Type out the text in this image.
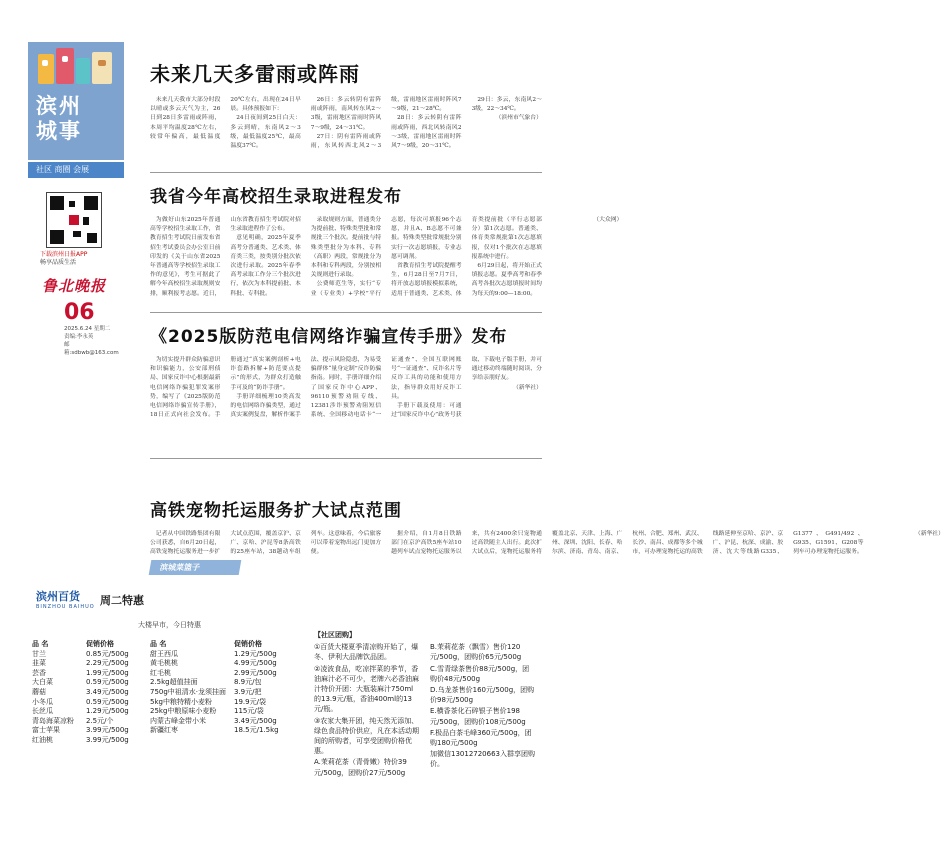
滨州
城事
社区 商圈 会展
下载滨州日报APP
畅享品质生活
鲁北晚报
06
2025.6.24 星期二
责编:李永英
邮箱:sdbwb@163.com
未来几天多雷雨或阵雨

未来几天我市大部分时段以晴或多云天气为主，26日到28日多雷雨或阵雨，本周平均温度28℃左右，较常年偏高，最低温度20℃左右，出现在24日早晨。具体预报如下：

24日夜间到25日白天：多云到晴，东南风2～3级，最低温度25℃，最高温度37℃。

26日：多云转阴有雷阵雨或阵雨，南风转东风2～3级，雷雨地区雷雨时阵风7～9级，24～31℃。

27日：阴有雷阵雨或阵雨，东风转西北风2～3级，雷雨地区雷雨时阵风7～9级，21～28℃。

28日：多云转阴有雷阵雨或阵雨，西北风转南风2～3级，雷雨地区雷雨时阵风7～9级，20～31℃。

29日：多云，东南风2～3级，22～34℃。

（滨州市气象台）

我省今年高校招生录取进程发布

为做好山东2025年普通高等学校招生录取工作，省教育招生考试院日前发布省招生考试委员会办公室日前印发的《关于山东省2025年普通高等学校招生录取工作的意见》，考生可据此了解今年高校招生录取规则安排，顺利报考志愿。近日，山东省教育招生考试院对招生录取进程作了公布。

意见明确，2025年夏季高考分普通类、艺术类、体育类三类，按类别分批次依次进行录取。2025年春季高考录取工作分三个批次进行，依次为本科提前批、本科批、专科批。

录取规则方面，普通类分为提前批、特殊类型批和常规批三个批次。提前批与特殊类型批分为本科、专科（高职）两段，常规批分为本科和专科两段，分别按相关规则进行录取。

公费师范生等，实行“专业（专业类）+学校”平行志愿，每次可填报96个志愿，并且A、B志愿不可兼报。特殊类型批常规批分别实行一次志愿填报，专业志愿可调剂。

省教育招生考试院提醒考生，6月28日至7月7日，将开放志愿填报模拟系统，适用于普通类、艺术类、体育类提前批（平行志愿部分）第1次志愿。普通类、体育类常规批第1次志愿填报，仅对1个批次在志愿填报系统中进行。

6月29日起，将开始正式填报志愿。夏季高考和春季高考各批次志愿填报时间均为每天的9:00—18:00。

（大众网）

《2025版防范电信网络诈骗宣传手册》发布

为切实提升群众防骗意识和识骗能力，公安部刑侦局、国家反诈中心根据最新电信网络诈骗犯罪发案形势，编写了《2025版防范电信网络诈骗宣传手册》，18日正式向社会发布。手册通过“真实案例剖析+电诈套路拆解+防范要点提示”的形式，为群众打造触手可及的“防诈手册”。

手册详细梳理10类高发的电信网络诈骗类型，通过真实案例复盘，解析作案手法、提示风险隐患，为易受骗群体“量身定制”反诈防骗指南。同时，手册详细介绍了国家反诈中心APP、96110预警劝阻专线、12381涉诈预警劝阻短信系统、全国移动电话卡“一证通查”、全国互联网账号“一证通查”、反诈名片等反诈工具的功能和使用方法，指导群众用好反诈工具。

手册下载及使用：可通过“国家反诈中心”政务号获取、下载电子版手册，并可通过移动终端随时阅读、分享给亲朋好友。

（新华社）

高铁宠物托运服务扩大试点范围

记者从中国铁路集团有限公司获悉，自6月20日起，高铁宠物托运服务进一步扩大试点范围，覆盖京沪、京广、京哈、沪昆等8条高铁的25座车站，38趟动车组列车。这意味着，今后旅客可以带着宠物出远门更加方便。

据介绍，自1月8日铁路部门在京沪高铁5座车站10趟列车试点宠物托运服务以来，共有2400余只宠物通过高铁随主人出行。此次扩大试点后，宠物托运服务将覆盖北京、天津、上海、广州、深圳、沈阳、长春、哈尔滨、济南、青岛、南京、杭州、合肥、郑州、武汉、长沙、南昌、成都等多个城市，可办理宠物托运的高铁线路延伸至京哈、京沪、京广、沪昆、杭深、成渝、胶济、沈大等线路G335、G1377、G491/492、G935、G1591、G208等列车可办理宠物托运服务。

（新华社）

滨城菜篮子
滨州百货
BINZHOU BAIHUO 周二特惠
大楼早市，今日特惠
品 名	促销价格	品 名	促销价格
甘兰	0.85元/500g	甜王西瓜	1.29元/500g
韭菜	2.29元/500g	黄毛桃桃	4.99元/500g
芸香	1.99元/500g	红毛桃	2.99元/500g
大白菜	0.59元/500g	2.5kg超值挂面	8.9元/包
蘑菇	3.49元/500g	750g中祖清水·龙须挂面	3.9元/把
小冬瓜	0.59元/500g	5kg中粮特精小麦粉	19.9元/袋
长丝瓜	1.29元/500g	25kg中粮原味小麦粉	115元/袋
青岛海菜凉粉	2.5元/个	内蒙古峰金带小米	3.49元/500g
富士苹果	3.99元/500g	新疆红枣	18.5元/1.5kg
红油桃	3.99元/500g
【社区团购】

①百货大楼夏季清凉购开始了，爆冬、伊利大品牌饮品团。

②凌波食品，吃凉拌菜的季节，香油麻汁必不可少，老牌六必香油麻汁特价开团：大瓶装麻汁750ml的13.9元/瓶，香油400ml的13元/瓶。

③农家大集开团，纯天然无添加、绿色食品特价供应，凡在本活动期间的所购者，可享受团购价格优惠。

A.茉莉花茶（青骨嫩）特价39元/500g，团购价27元/500g

B.茉莉花茶（飘雪）售价120元/500g，团购价65元/500g

C.雪青绿茶售价88元/500g，团购价48元/500g

D.乌龙茶售价160元/500g，团购价98元/500g

E.横香茶化石碎银子售价198元/500g，团购价108元/500g

F.极品白茶毛峰360元/500g，团购180元/500g

加微信13012720663入群享团购价。
